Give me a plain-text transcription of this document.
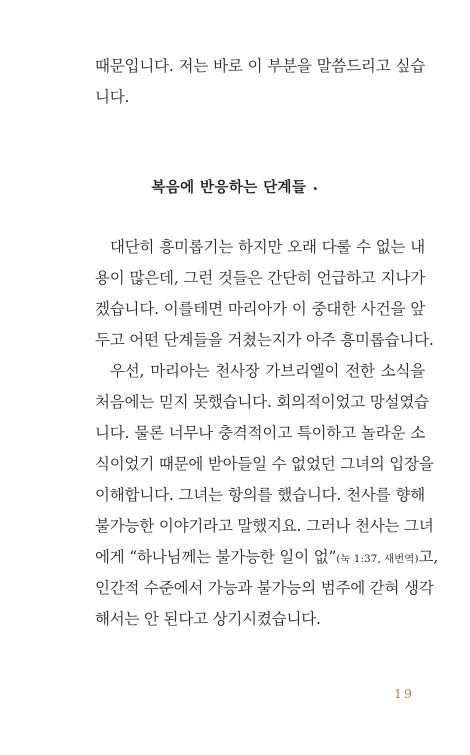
때문입니다. 저는 바로 이 부분을 말씀드리고 싶습
니다.
복음에 반응하는 단계들 •
대단히 흥미롭기는 하지만 오래 다룰 수 없는 내
용이 많은데, 그런 것들은 간단히 언급하고 지나가
겠습니다. 이를테면 마리아가 이 중대한 사건을 앞
두고 어떤 단계들을 거쳤는지가 아주 흥미롭습니다.
우선, 마리아는 천사장 가브리엘이 전한 소식을
처음에는 믿지 못했습니다. 회의적이었고 망설였습
니다. 물론 너무나 충격적이고 특이하고 놀라운 소
식이었기 때문에 받아들일 수 없었던 그녀의 입장을
이해합니다. 그녀는 항의를 했습니다. 천사를 향해
불가능한 이야기라고 말했지요. 그러나 천사는 그녀
에게 “하나님께는 불가능한 일이 없”(눅 1:37, 새번역)고,
인간적 수준에서 가능과 불가능의 범주에 갇혀 생각
해서는 안 된다고 상기시켰습니다.
19
